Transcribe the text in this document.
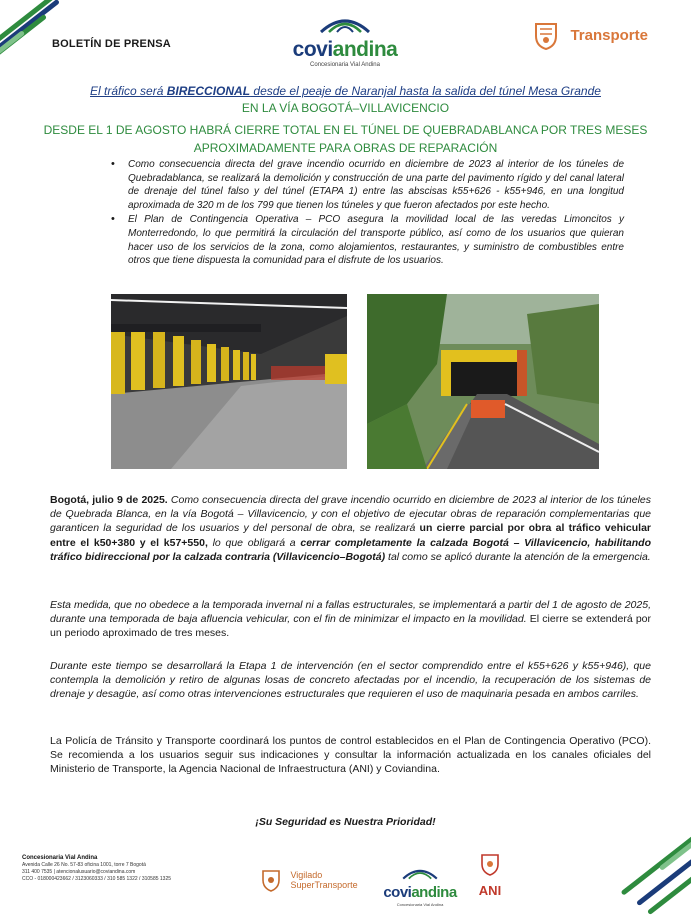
BOLETÍN DE PRENSA	coviandina
Concesionaria Vial Andina
Transporte
El tráfico será BIRECCIONAL desde el peaje de Naranjal hasta la salida del túnel Mesa Grande
EN LA VÍA BOGOTÁ–VILLAVICENCIO
DESDE EL 1 DE AGOSTO HABRÁ CIERRE TOTAL EN EL TÚNEL DE QUEBRADABLANCA POR TRES MESES APROXIMADAMENTE PARA OBRAS DE REPARACIÓN
• Como consecuencia directa del grave incendio ocurrido en diciembre de 2023 al interior de los túneles de Quebradablanca, se realizará la demolición y construcción de una parte del pavimento rígido y del canal lateral de drenaje del túnel falso y del túnel (ETAPA 1) entre las abscisas k55+626 - k55+946, en una longitud aproximada de 320 m de los 799 que tienen los túneles y que fueron afectados por este hecho.
• El Plan de Contingencia Operativa – PCO asegura la movilidad local de las veredas Limoncitos y Monterredondo, lo que permitirá la circulación del transporte público, así como de los usuarios que quieran hacer uso de los servicios de la zona, como alojamientos, restaurantes, y suministro de combustibles entre otros que tiene dispuesta la comunidad para el disfrute de los usuarios.
Bogotá, julio 9 de 2025. Como consecuencia directa del grave incendio ocurrido en diciembre de 2023 al interior de los túneles de Quebrada Blanca, en la vía Bogotá – Villavicencio, y con el objetivo de ejecutar obras de reparación complementarias que garanticen la seguridad de los usuarios y del personal de obra, se realizará un cierre parcial por obra al tráfico vehicular entre el k50+380 y el k57+550, lo que obligará a cerrar completamente la calzada Bogotá – Villavicencio, habilitando tráfico bidireccional por la calzada contraria (Villavicencio–Bogotá) tal como se aplicó durante la atención de la emergencia.
Esta medida, que no obedece a la temporada invernal ni a fallas estructurales, se implementará a partir del 1 de agosto de 2025, durante una temporada de baja afluencia vehicular, con el fin de minimizar el impacto en la movilidad. El cierre se extenderá por un periodo aproximado de tres meses.
Durante este tiempo se desarrollará la Etapa 1 de intervención (en el sector comprendido entre el k55+626 y k55+946), que contempla la demolición y retiro de algunas losas de concreto afectadas por el incendio, la recuperación de los sistemas de drenaje y desagüe, así como otras intervenciones estructurales que requieren el uso de maquinaria pesada en ambos carriles.
La Policía de Tránsito y Transporte coordinará los puntos de control establecidos en el Plan de Contingencia Operativo (PCO). Se recomienda a los usuarios seguir sus indicaciones y consultar la información actualizada en los canales oficiales del Ministerio de Transporte, la Agencia Nacional de Infraestructura (ANI) y Coviandina.
¡Su Seguridad es Nuestra Prioridad!
Concesionaria Vial Andina
Avenida Calle 26 No. 57-83 oficina 1001, torre 7 Bogotá
311 400 7535 | atencionalusuario@coviandina.com
CCO - 018000423662 / 3123060333 / 310 585 1322 / 310585 1325	Vigilado
SuperTransporte	coviandina
Concesionaria Vial Andina
ANI
